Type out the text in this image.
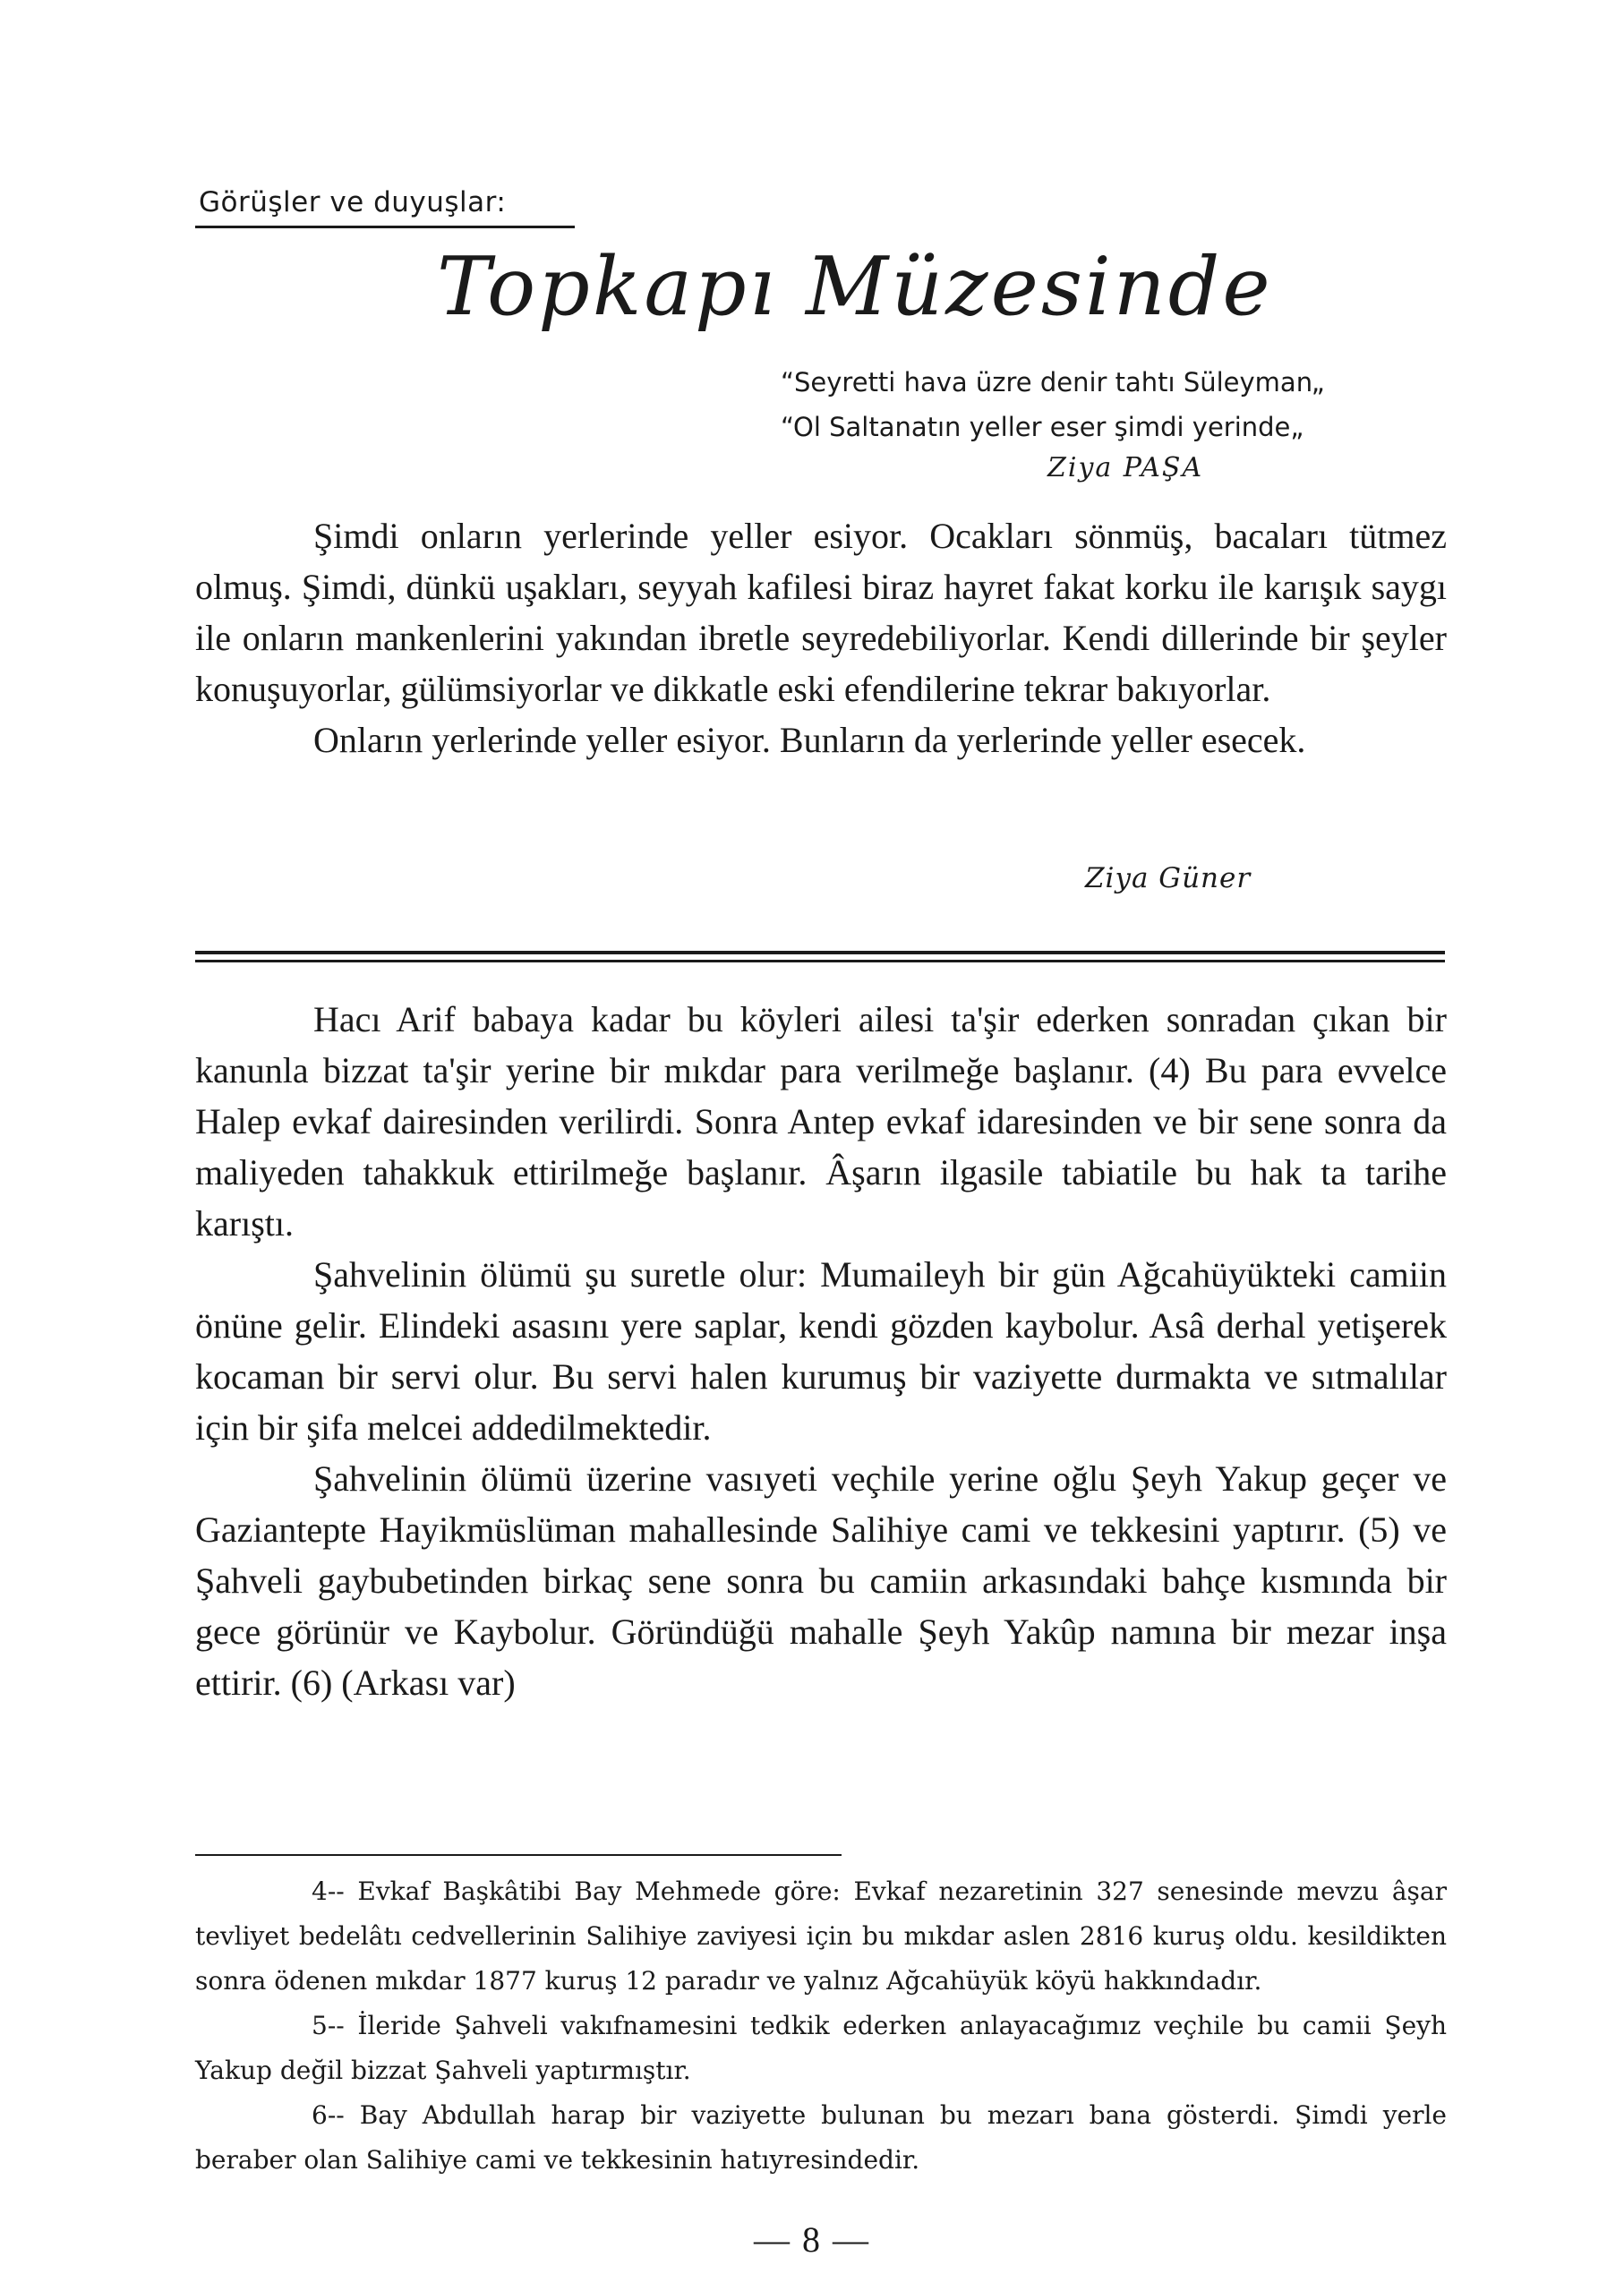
Görüşler ve duyuşlar:
Topkapı Müzesinde
“Seyretti hava üzre denir tahtı Süleyman„
“Ol Saltanatın yeller eser şimdi yerinde„
Ziya PAŞA

Şimdi onların yerlerinde yeller esiyor. Ocakları sönmüş, bacaları tütmez olmuş. Şimdi, dünkü uşakları, seyyah kafilesi biraz hayret fakat korku ile karışık saygı ile onların mankenlerini yakından ibretle seyredebiliyorlar. Kendi dillerinde bir şeyler konuşuyorlar, gülümsiyorlar ve dikkatle eski efendilerine tekrar bakıyorlar.

Onların yerlerinde yeller esiyor. Bunların da yerlerinde yeller esecek.

Ziya Güner

Hacı Arif babaya kadar bu köyleri ailesi ta'şir ederken sonradan çıkan bir kanunla bizzat ta'şir yerine bir mıkdar para verilmeğe başlanır. (4) Bu para evvelce Halep evkaf dairesinden verilirdi. Sonra Antep evkaf idaresinden ve bir sene sonra da maliyeden tahakkuk ettirilmeğe başlanır. Âşarın ilgasile tabiatile bu hak ta tarihe karıştı.

Şahvelinin ölümü şu suretle olur: Mumaileyh bir gün Ağcahüyükteki camiin önüne gelir. Elindeki asasını yere saplar, kendi gözden kaybolur. Asâ derhal yetişerek kocaman bir servi olur. Bu servi halen kurumuş bir vaziyette durmakta ve sıtmalılar için bir şifa melcei addedilmektedir.

Şahvelinin ölümü üzerine vasıyeti veçhile yerine oğlu Şeyh Yakup geçer ve Gaziantepte Hayikmüslüman mahallesinde Salihiye cami ve tekkesini yaptırır. (5) ve Şahveli gaybubetinden birkaç sene sonra bu camiin arkasındaki bahçe kısmında bir gece görünür ve Kaybolur. Göründüğü mahalle Şeyh Yakûp namına bir mezar inşa ettirir. (6) (Arkası var)

4-- Evkaf Başkâtibi Bay Mehmede göre: Evkaf nezaretinin 327 senesinde mevzu âşar tevliyet bedelâtı cedvellerinin Salihiye zaviyesi için bu mıkdar aslen 2816 kuruş oldu. kesildikten sonra ödenen mıkdar 1877 kuruş 12 paradır ve yalnız Ağcahüyük köyü hakkındadır.

5-- İleride Şahveli vakıfnamesini tedkik ederken anlayacağımız veçhile bu camii Şeyh Yakup değil bizzat Şahveli yaptırmıştır.

6-- Bay Abdullah harap bir vaziyette bulunan bu mezarı bana gösterdi. Şimdi yerle beraber olan Salihiye cami ve tekkesinin hatıyresindedir.

— 8 —
